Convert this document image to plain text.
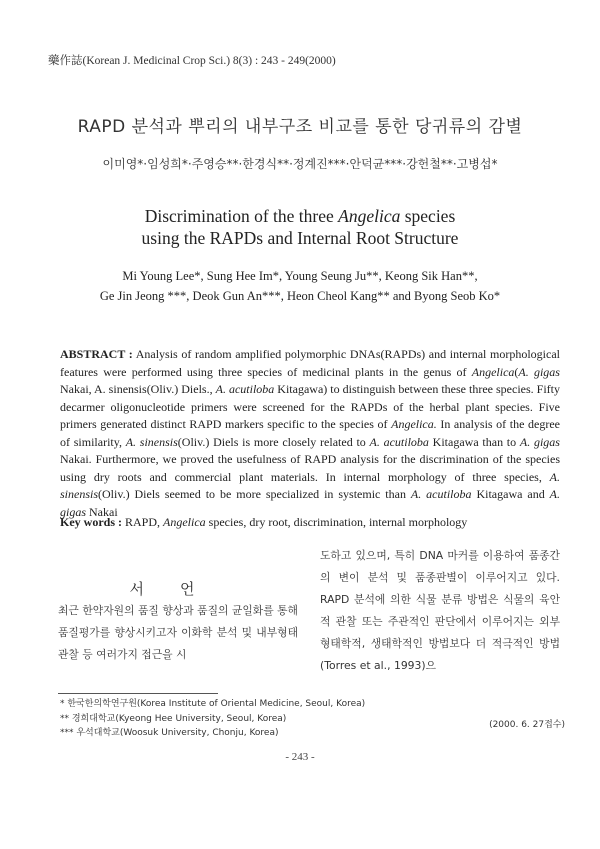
藥作誌(Korean J. Medicinal Crop Sci.) 8(3) : 243 - 249(2000)
RAPD 분석과 뿌리의 내부구조 비교를 통한 당귀류의 감별
이미영*·임성희*·주영승**·한경식**·정계진***·안덕균***·강헌철**·고병섭*
Discrimination of the three Angelica species
using the RAPDs and Internal Root Structure
Mi Young Lee*, Sung Hee Im*, Young Seung Ju**, Keong Sik Han**,
Ge Jin Jeong ***, Deok Gun An***, Heon Cheol Kang** and Byong Seob Ko*
ABSTRACT : Analysis of random amplified polymorphic DNAs(RAPDs) and internal morphological features were performed using three species of medicinal plants in the genus of Angelica(A. gigas Nakai, A. sinensis(Oliv.) Diels., A. acutiloba Kitagawa) to distinguish between these three species. Fifty decarmer oligonucleotide primers were screened for the RAPDs of the herbal plant species. Five primers generated distinct RAPD markers specific to the species of Angelica. In analysis of the degree of similarity, A. sinensis(Oliv.) Diels is more closely related to A. acutiloba Kitagawa than to A. gigas Nakai. Furthermore, we proved the usefulness of RAPD analysis for the discrimination of the species using dry roots and commercial plant materials. In internal morphology of three species, A. sinensis(Oliv.) Diels seemed to be more specialized in systemic than A. acutiloba Kitagawa and A. gigas Nakai
Key words : RAPD, Angelica species, dry root, discrimination, internal morphology
서언
최근 한약자원의 품질 향상과 품질의 균일화를 통해 품질평가를 향상시키고자 이화학 분석 및 내부형태관찰 등 여러가지 접근을 시
도하고 있으며, 특히 DNA 마커를 이용하여 품종간의 변이 분석 및 품종판별이 이루어지고 있다. RAPD 분석에 의한 식물 분류 방법은 식물의 육안적 관찰 또는 주관적인 판단에서 이루어지는 외부 형태학적, 생태학적인 방법보다 더 적극적인 방법(Torres et al., 1993)으
* 한국한의학연구원(Korea Institute of Oriental Medicine, Seoul, Korea)
** 경희대학교(Kyeong Hee University, Seoul, Korea)
*** 우석대학교(Woosuk University, Chonju, Korea)
(2000. 6. 27접수)
- 243 -
